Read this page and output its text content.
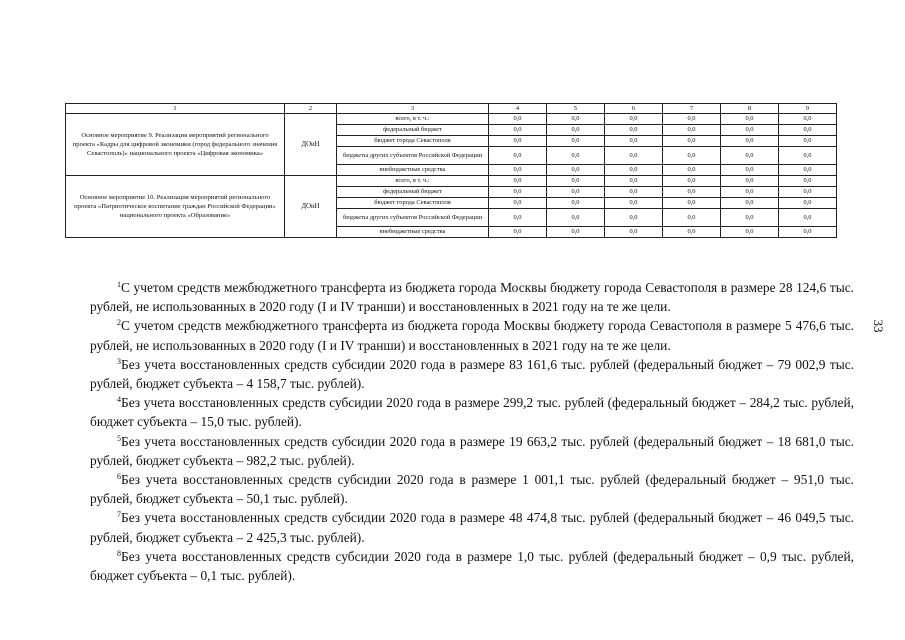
1	2	3	4	5	6	7	8	9
Основное мероприятие 9. Реализация мероприятий регионального проекта «Кадры для цифровой экономики (город федерального значения Севастополь)» национального проекта «Цифровая экономика»	ДОиН	всего, в т. ч.:	0,0	0,0	0,0	0,0	0,0	0,0
		федеральный бюджет	0,0	0,0	0,0	0,0	0,0	0,0
		бюджет города Севастополя	0,0	0,0	0,0	0,0	0,0	0,0
		бюджеты других субъектов Российской Федерации	0,0	0,0	0,0	0,0	0,0	0,0
		внебюджетные средства	0,0	0,0	0,0	0,0	0,0	0,0
Основное мероприятие 10. Реализация мероприятий регионального проекта «Патриотическое воспитание граждан Российской Федерации» национального проекта «Образование»	ДОиН	всего, в т. ч.:	0,0	0,0	0,0	0,0	0,0	0,0
		федеральный бюджет	0,0	0,0	0,0	0,0	0,0	0,0
		бюджет города Севастополя	0,0	0,0	0,0	0,0	0,0	0,0
		бюджеты других субъектов Российской Федерации	0,0	0,0	0,0	0,0	0,0	0,0
		внебюджетные средства	0,0	0,0	0,0	0,0	0,0	0,0

$^1$С учетом средств межбюджетного трансферта из бюджета города Москвы бюджету города Севастополя в размере 28 124,6 тыс. рублей, не использованных в 2020 году (I и IV транши) и восстановленных в 2021 году на те же цели.

$^2$С учетом средств межбюджетного трансферта из бюджета города Москвы бюджету города Севастополя в размере 5 476,6 тыс. рублей, не использованных в 2020 году (I и IV транши) и восстановленных в 2021 году на те же цели.

$^3$Без учета восстановленных средств субсидии 2020 года в размере 83 161,6 тыс. рублей (федеральный бюджет – 79 002,9 тыс. рублей, бюджет субъекта – 4 158,7 тыс. рублей).

$^4$Без учета восстановленных средств субсидии 2020 года в размере 299,2 тыс. рублей (федеральный бюджет – 284,2 тыс. рублей, бюджет субъекта – 15,0 тыс. рублей).

$^5$Без учета восстановленных средств субсидии 2020 года в размере 19 663,2 тыс. рублей (федеральный бюджет – 18 681,0 тыс. рублей, бюджет субъекта – 982,2 тыс. рублей).

$^6$Без учета восстановленных средств субсидии 2020 года в размере 1 001,1 тыс. рублей (федеральный бюджет – 951,0 тыс. рублей, бюджет субъекта – 50,1 тыс. рублей).

$^7$Без учета восстановленных средств субсидии 2020 года в размере 48 474,8 тыс. рублей (федеральный бюджет – 46 049,5 тыс. рублей, бюджет субъекта – 2 425,3 тыс. рублей).

$^8$Без учета восстановленных средств субсидии 2020 года в размере 1,0 тыс. рублей (федеральный бюджет – 0,9 тыс. рублей, бюджет субъекта – 0,1 тыс. рублей).

33
